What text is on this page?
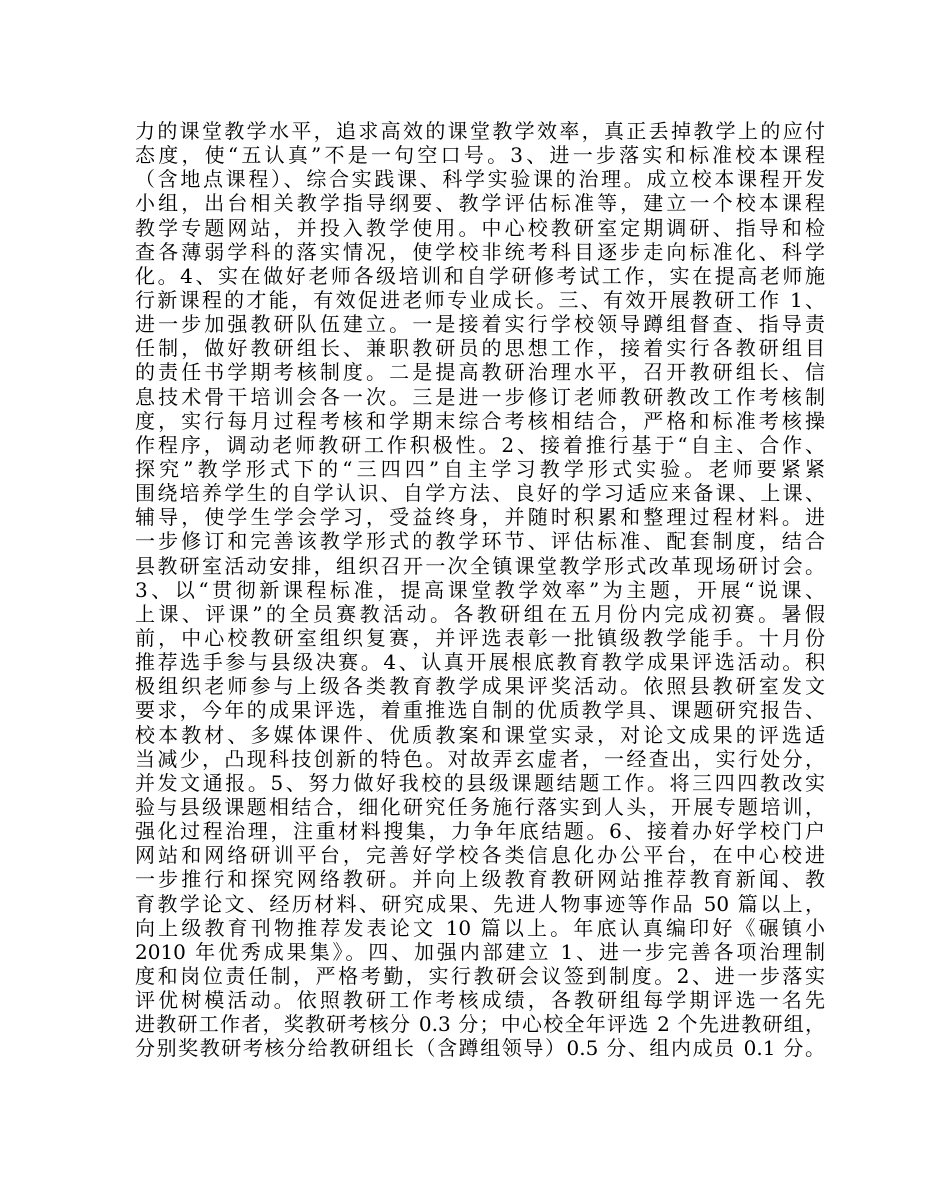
力的课堂教学水平，追求高效的课堂教学效率，真正丢掉教学上的应付
态度，使“五认真”不是一句空口号。3、进一步落实和标准校本课程
（含地点课程）、综合实践课、科学实验课的治理。成立校本课程开发
小组，出台相关教学指导纲要、教学评估标准等，建立一个校本课程
教学专题网站，并投入教学使用。中心校教研室定期调研、指导和检
查各薄弱学科的落实情况，使学校非统考科目逐步走向标准化、科学
化。4、实在做好老师各级培训和自学研修考试工作，实在提高老师施
行新课程的才能，有效促进老师专业成长。三、有效开展教研工作 1、
进一步加强教研队伍建立。一是接着实行学校领导蹲组督查、指导责
任制，做好教研组长、兼职教研员的思想工作，接着实行各教研组目
的责任书学期考核制度。二是提高教研治理水平，召开教研组长、信
息技术骨干培训会各一次。三是进一步修订老师教研教改工作考核制
度，实行每月过程考核和学期末综合考核相结合，严格和标准考核操
作程序，调动老师教研工作积极性。2、接着推行基于“自主、合作、
探究”教学形式下的“三四四”自主学习教学形式实验。老师要紧紧
围绕培养学生的自学认识、自学方法、良好的学习适应来备课、上课、
辅导，使学生学会学习，受益终身，并随时积累和整理过程材料。进
一步修订和完善该教学形式的教学环节、评估标准、配套制度，结合
县教研室活动安排，组织召开一次全镇课堂教学形式改革现场研讨会。
3、以“贯彻新课程标准，提高课堂教学效率”为主题，开展“说课、
上课、评课”的全员赛教活动。各教研组在五月份内完成初赛。暑假
前，中心校教研室组织复赛，并评选表彰一批镇级教学能手。十月份
推荐选手参与县级决赛。4、认真开展根底教育教学成果评选活动。积
极组织老师参与上级各类教育教学成果评奖活动。依照县教研室发文
要求，今年的成果评选，着重推选自制的优质教学具、课题研究报告、
校本教材、多媒体课件、优质教案和课堂实录，对论文成果的评选适
当减少，凸现科技创新的特色。对故弄玄虚者，一经查出，实行处分，
并发文通报。5、努力做好我校的县级课题结题工作。将三四四教改实
验与县级课题相结合，细化研究任务施行落实到人头，开展专题培训，
强化过程治理，注重材料搜集，力争年底结题。6、接着办好学校门户
网站和网络研训平台，完善好学校各类信息化办公平台，在中心校进
一步推行和探究网络教研。并向上级教育教研网站推荐教育新闻、教
育教学论文、经历材料、研究成果、先进人物事迹等作品 50 篇以上，
向上级教育刊物推荐发表论文 10 篇以上。年底认真编印好《碾镇小
2010 年优秀成果集》。四、加强内部建立 1、进一步完善各项治理制
度和岗位责任制，严格考勤，实行教研会议签到制度。2、进一步落实
评优树模活动。依照教研工作考核成绩，各教研组每学期评选一名先
进教研工作者，奖教研考核分 0.3 分；中心校全年评选 2 个先进教研组，
分别奖教研考核分给教研组长（含蹲组领导）0.5 分、组内成员 0.1 分。
